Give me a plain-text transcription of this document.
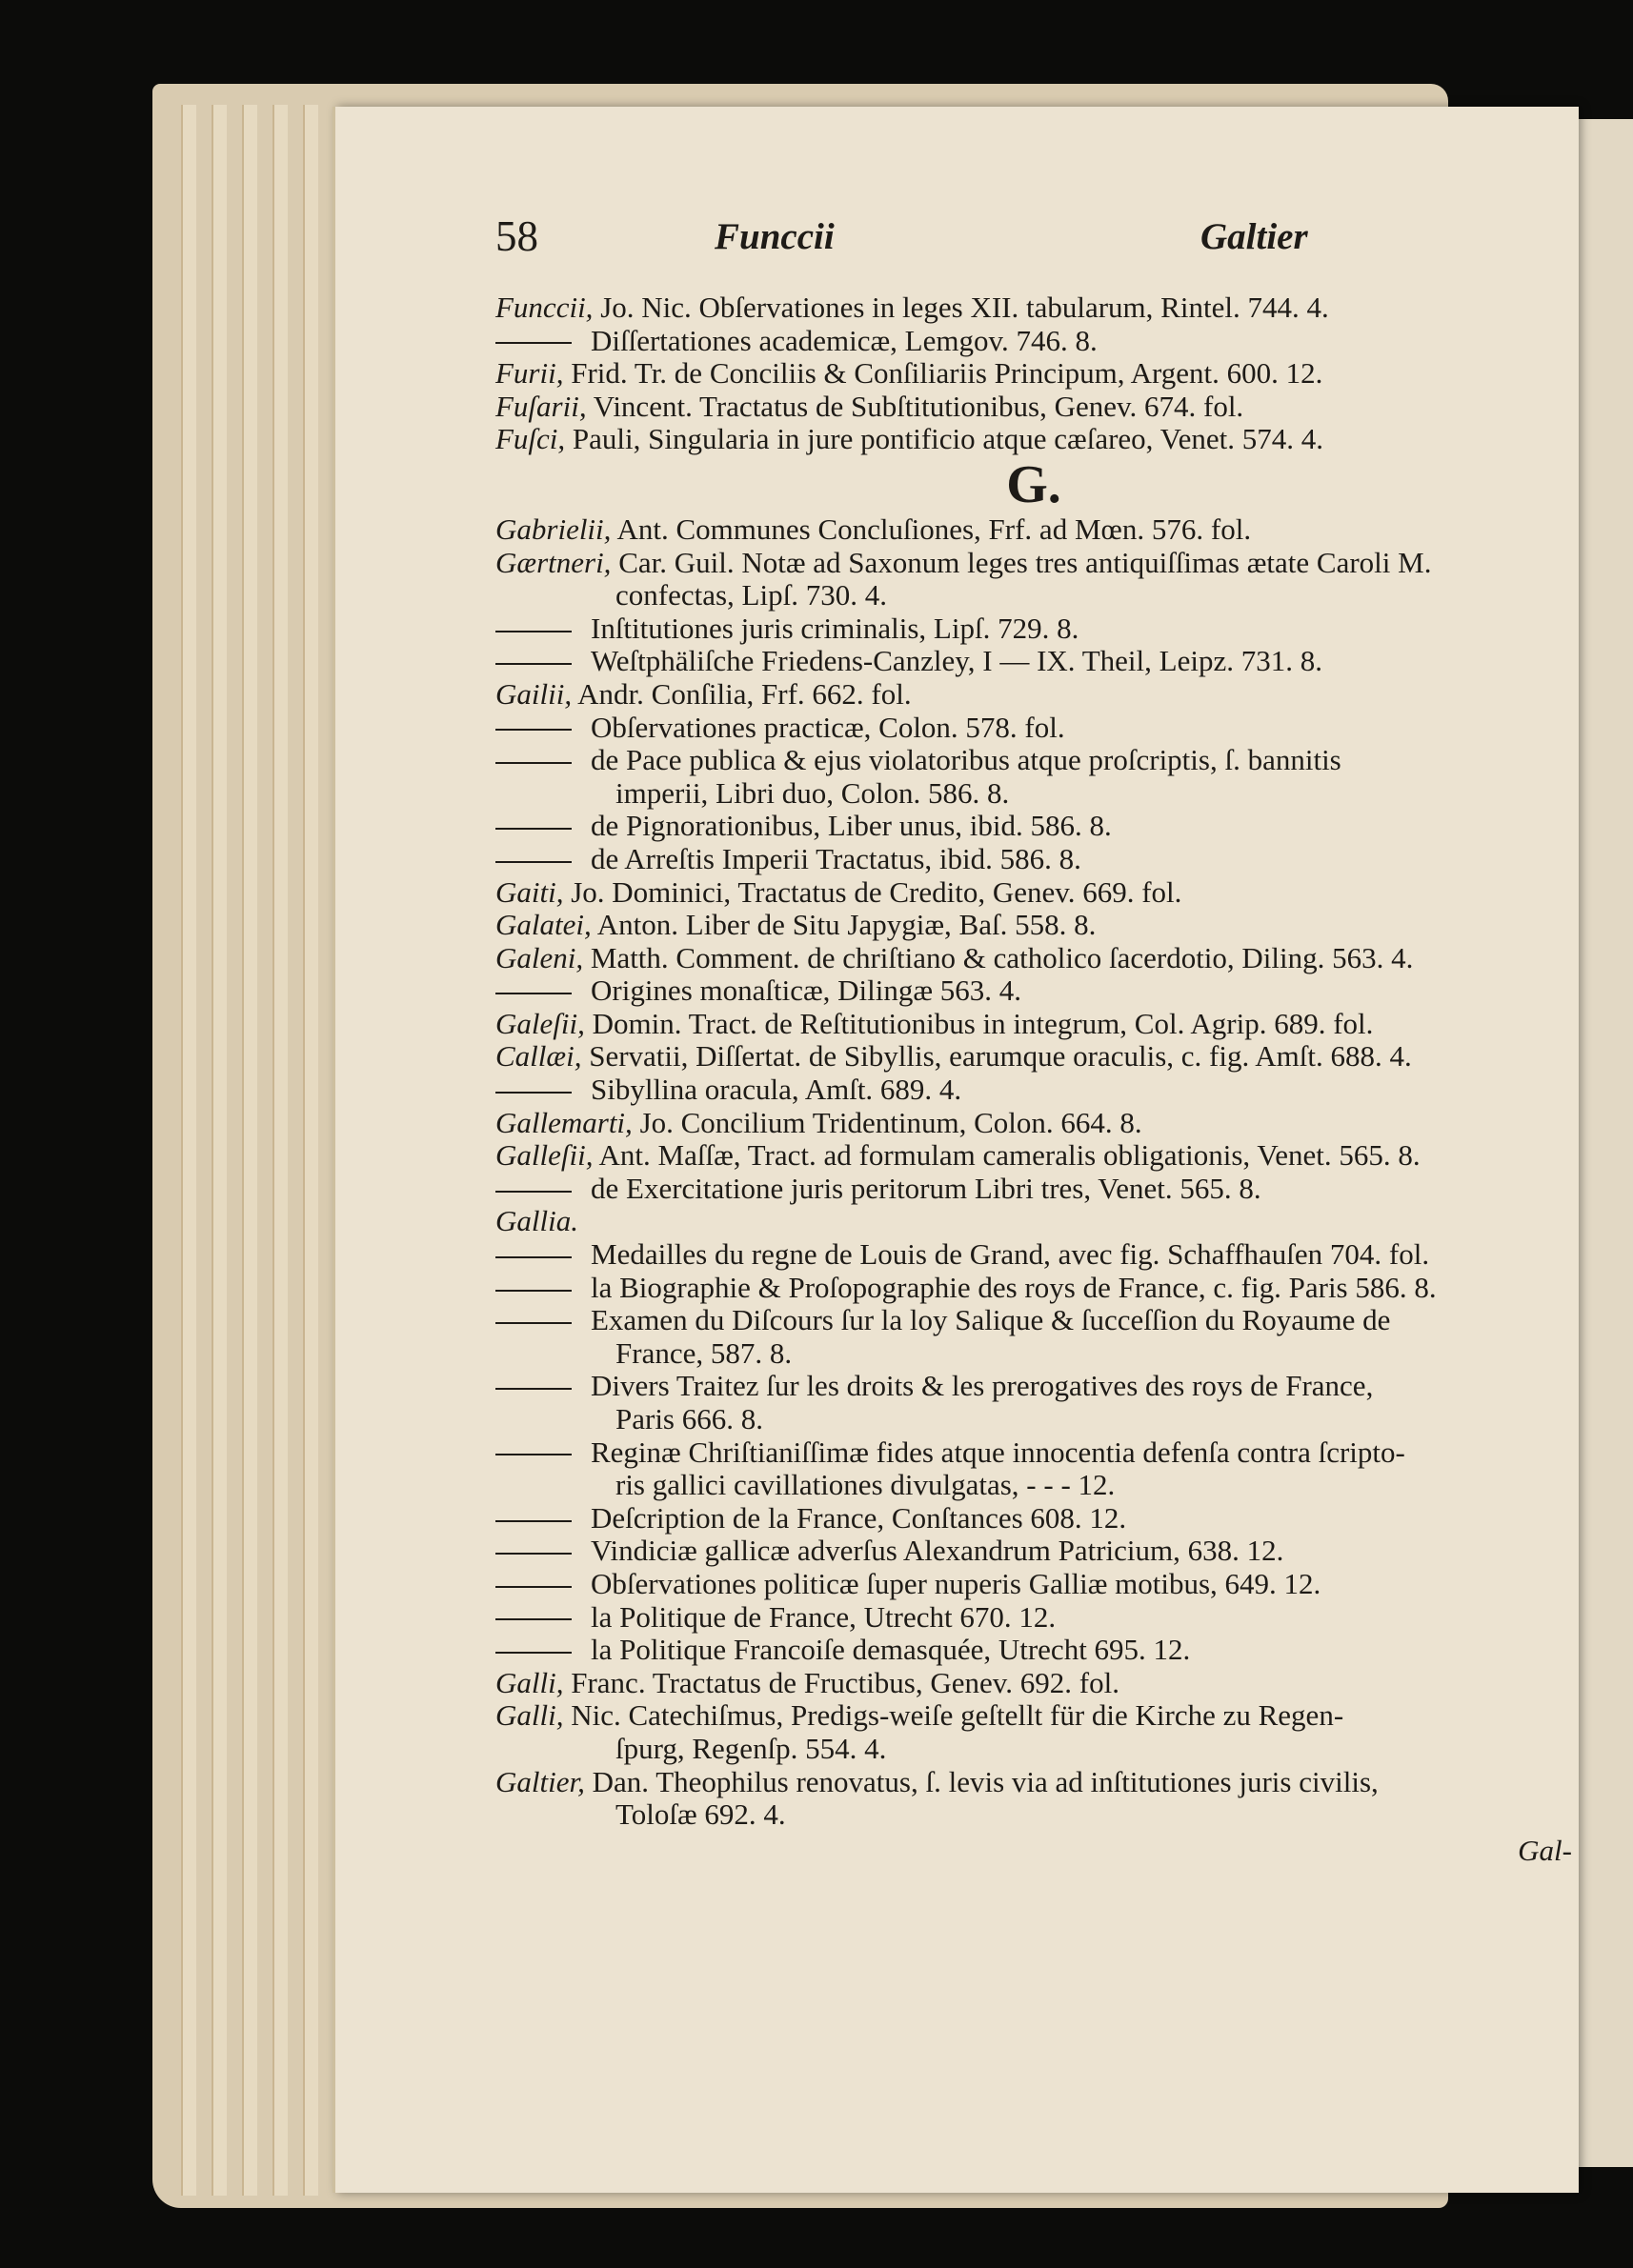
58	Funccii	Galtier
Funccii, Jo. Nic. Obſervationes in leges XII. tabularum, Rintel. 744. 4.
Diſſertationes academicæ, Lemgov. 746. 8.
Furii, Frid. Tr. de Conciliis & Conſiliariis Principum, Argent. 600. 12.
Fuſarii, Vincent. Tractatus de Subſtitutionibus, Genev. 674. fol.
Fuſci, Pauli, Singularia in jure pontificio atque cæſareo, Venet. 574. 4.
G.
Gabrielii, Ant. Communes Concluſiones, Frf. ad Mœn. 576. fol.
Gærtneri, Car. Guil. Notæ ad Saxonum leges tres antiquiſſimas ætate Caroli M.
confectas, Lipſ. 730. 4.
Inſtitutiones juris criminalis, Lipſ. 729. 8.
Weſtphäliſche Friedens-Canzley, I — IX. Theil, Leipz. 731. 8.
Gailii, Andr. Conſilia, Frf. 662. fol.
Obſervationes practicæ, Colon. 578. fol.
de Pace publica & ejus violatoribus atque proſcriptis, ſ. bannitis
imperii, Libri duo, Colon. 586. 8.
de Pignorationibus, Liber unus, ibid. 586. 8.
de Arreſtis Imperii Tractatus, ibid. 586. 8.
Gaiti, Jo. Dominici, Tractatus de Credito, Genev. 669. fol.
Galatei, Anton. Liber de Situ Japygiæ, Baſ. 558. 8.
Galeni, Matth. Comment. de chriſtiano & catholico ſacerdotio, Diling. 563. 4.
Origines monaſticæ, Dilingæ 563. 4.
Galeſii, Domin. Tract. de Reſtitutionibus in integrum, Col. Agrip. 689. fol.
Callæi, Servatii, Diſſertat. de Sibyllis, earumque oraculis, c. fig. Amſt. 688. 4.
Sibyllina oracula, Amſt. 689. 4.
Gallemarti, Jo. Concilium Tridentinum, Colon. 664. 8.
Galleſii, Ant. Maſſæ, Tract. ad formulam cameralis obligationis, Venet. 565. 8.
de Exercitatione juris peritorum Libri tres, Venet. 565. 8.
Gallia.
Medailles du regne de Louis de Grand, avec fig. Schaffhauſen 704. fol.
la Biographie & Proſopographie des roys de France, c. fig. Paris 586. 8.
Examen du Diſcours ſur la loy Salique & ſucceſſion du Royaume de
France, 587. 8.
Divers Traitez ſur les droits & les prerogatives des roys de France,
Paris 666. 8.
Reginæ Chriſtianiſſimæ fides atque innocentia defenſa contra ſcripto-
ris gallici cavillationes divulgatas, - - - 12.
Deſcription de la France, Conſtances 608. 12.
Vindiciæ gallicæ adverſus Alexandrum Patricium, 638. 12.
Obſervationes politicæ ſuper nuperis Galliæ motibus, 649. 12.
la Politique de France, Utrecht 670. 12.
la Politique Francoiſe demasquée, Utrecht 695. 12.
Galli, Franc. Tractatus de Fructibus, Genev. 692. fol.
Galli, Nic. Catechiſmus, Predigs-weiſe geſtellt für die Kirche zu Regen-
ſpurg, Regenſp. 554. 4.
Galtier, Dan. Theophilus renovatus, ſ. levis via ad inſtitutiones juris civilis,
Toloſæ 692. 4.
Gal-
